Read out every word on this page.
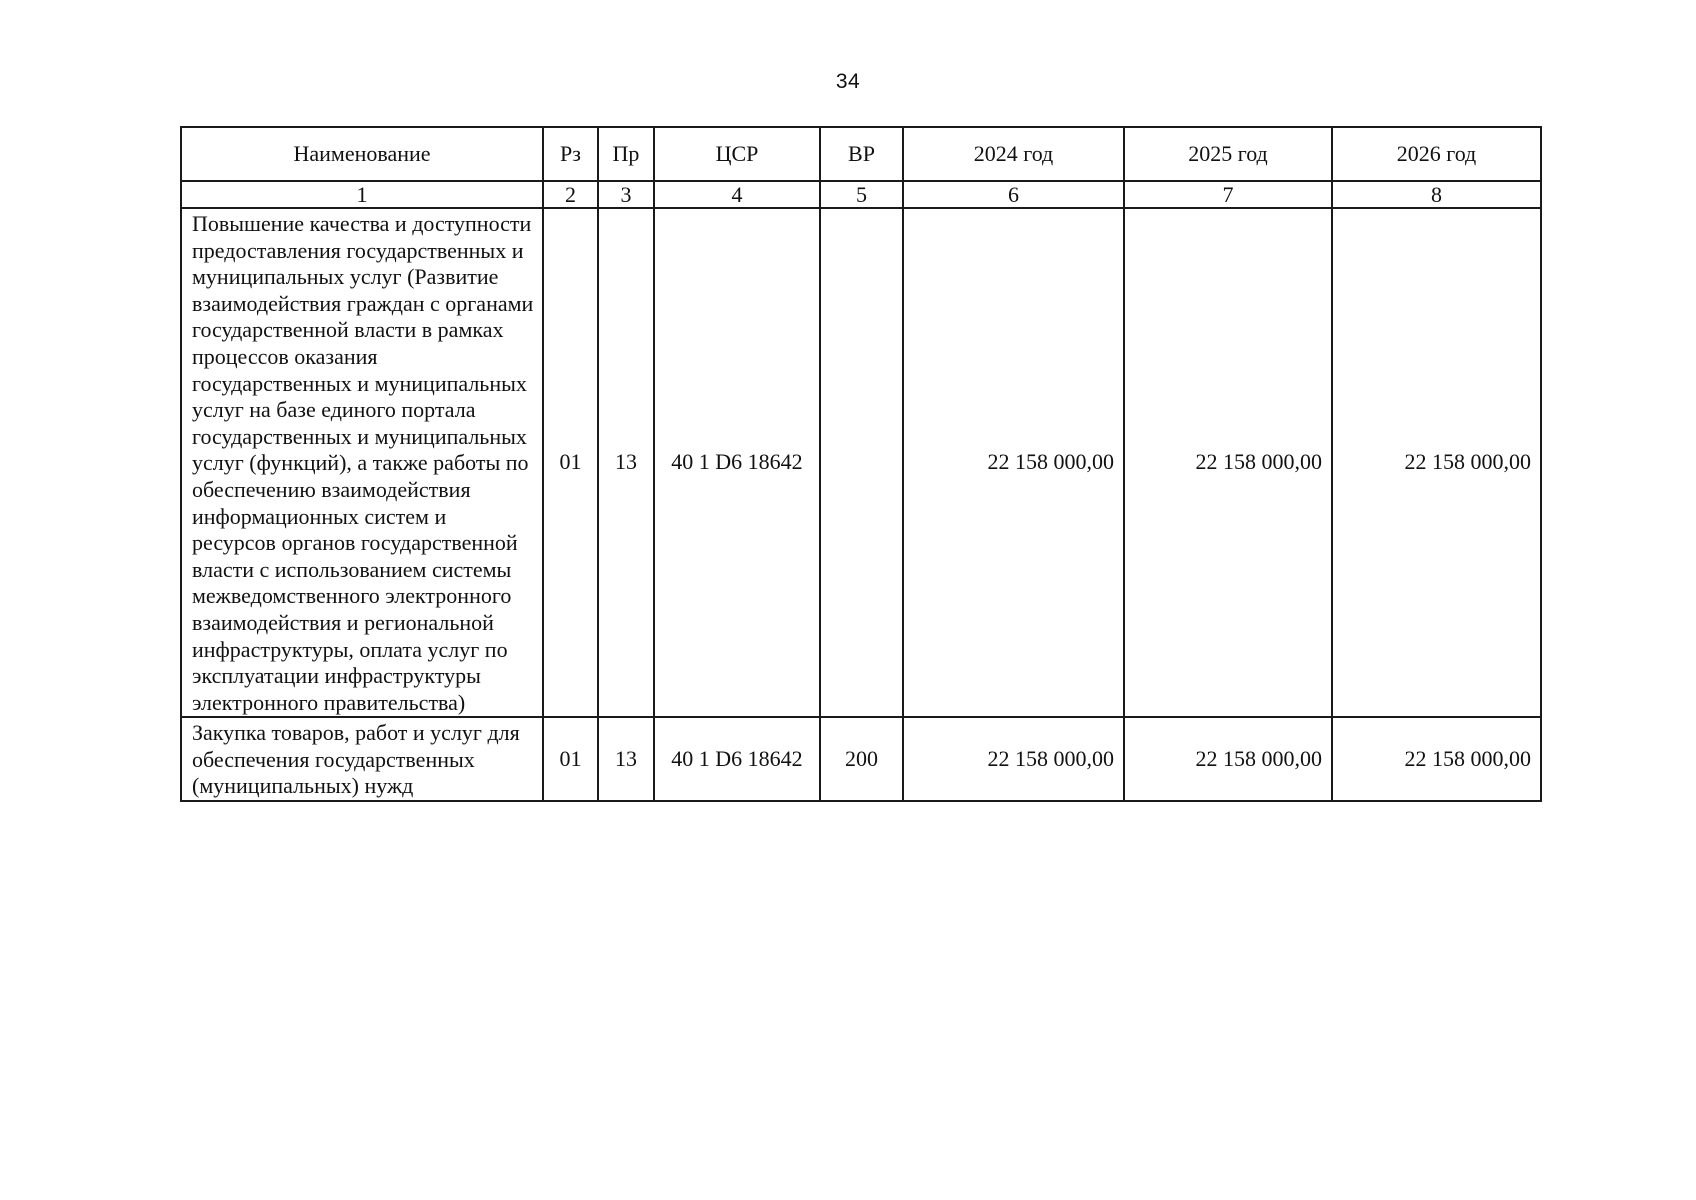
34
Наименование	Рз	Пр	ЦСР	ВР	2024 год	2025 год	2026 год
1	2	3	4	5	6	7	8
Повышение качества и доступности предоставления государственных и муниципальных услуг (Развитие взаимодействия граждан с органами государственной власти в рамках процессов оказания государственных и муниципальных услуг на базе единого портала государственных и муниципальных услуг (функций), а также работы по обеспечению взаимодействия информационных систем и ресурсов органов государственной власти с использованием системы межведомственного электронного взаимодействия и региональной инфраструктуры, оплата услуг по эксплуатации инфраструктуры электронного правительства)	01	13	40 1 D6 18642		22 158 000,00	22 158 000,00	22 158 000,00
Закупка товаров, работ и услуг для обеспечения государственных (муниципальных) нужд	01	13	40 1 D6 18642	200	22 158 000,00	22 158 000,00	22 158 000,00
